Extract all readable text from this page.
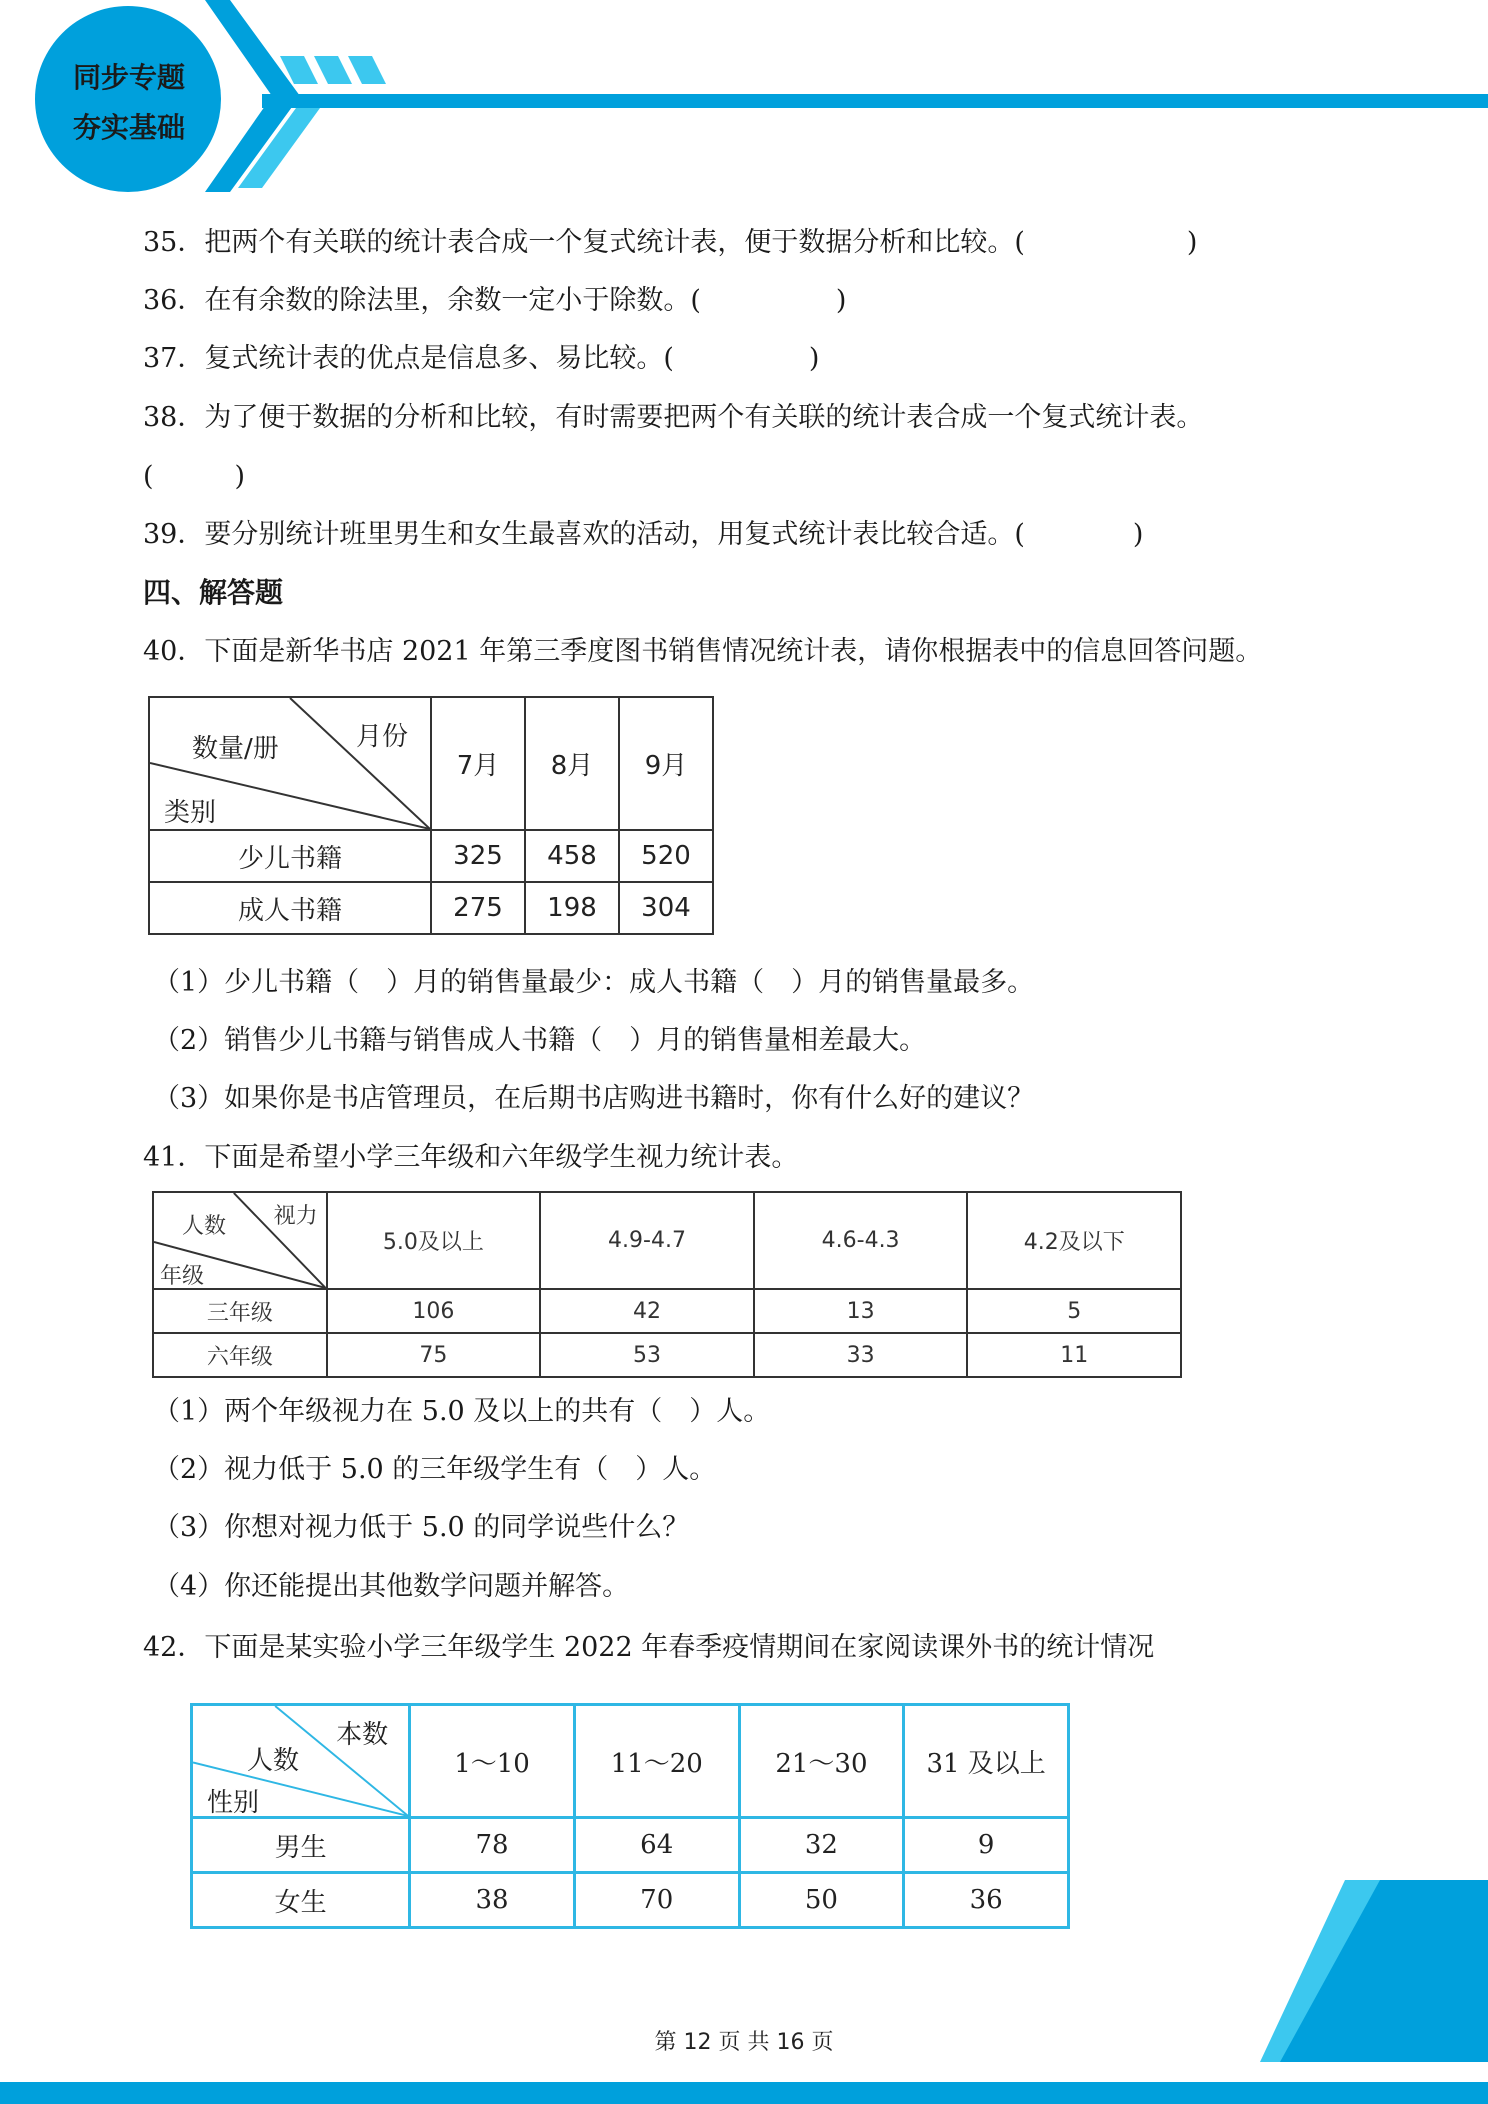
同步专题
夯实基础
35．把两个有关联的统计表合成一个复式统计表，便于数据分析和比较。(　　　　　　)
36．在有余数的除法里，余数一定小于除数。(　　　　　)
37．复式统计表的优点是信息多、易比较。(　　　　　)
38．为了便于数据的分析和比较，有时需要把两个有关联的统计表合成一个复式统计表。
(　　　)
39．要分别统计班里男生和女生最喜欢的活动，用复式统计表比较合适。(　　　　)
四、解答题
40．下面是新华书店 2021 年第三季度图书销售情况统计表，请你根据表中的信息回答问题。
月份
数量/册
类别	7月	8月	9月
少儿书籍	325	458	520
成人书籍	275	198	304
（1）少儿书籍（　）月的销售量最少：成人书籍（　）月的销售量最多。
（2）销售少儿书籍与销售成人书籍（　）月的销售量相差最大。
（3）如果你是书店管理员，在后期书店购进书籍时，你有什么好的建议？
41．下面是希望小学三年级和六年级学生视力统计表。
视力
人数
年级	5.0及以上	4.9-4.7	4.6-4.3	4.2及以下
三年级	106	42	13	5
六年级	75	53	33	11
（1）两个年级视力在 5.0 及以上的共有（　）人。
（2）视力低于 5.0 的三年级学生有（　）人。
（3）你想对视力低于 5.0 的同学说些什么？
（4）你还能提出其他数学问题并解答。
42．下面是某实验小学三年级学生 2022 年春季疫情期间在家阅读课外书的统计情况
本数
人数
性别	1～10	11～20	21～30	31 及以上
男生	78	64	32	9
女生	38	70	50	36
第 12 页 共 16 页
